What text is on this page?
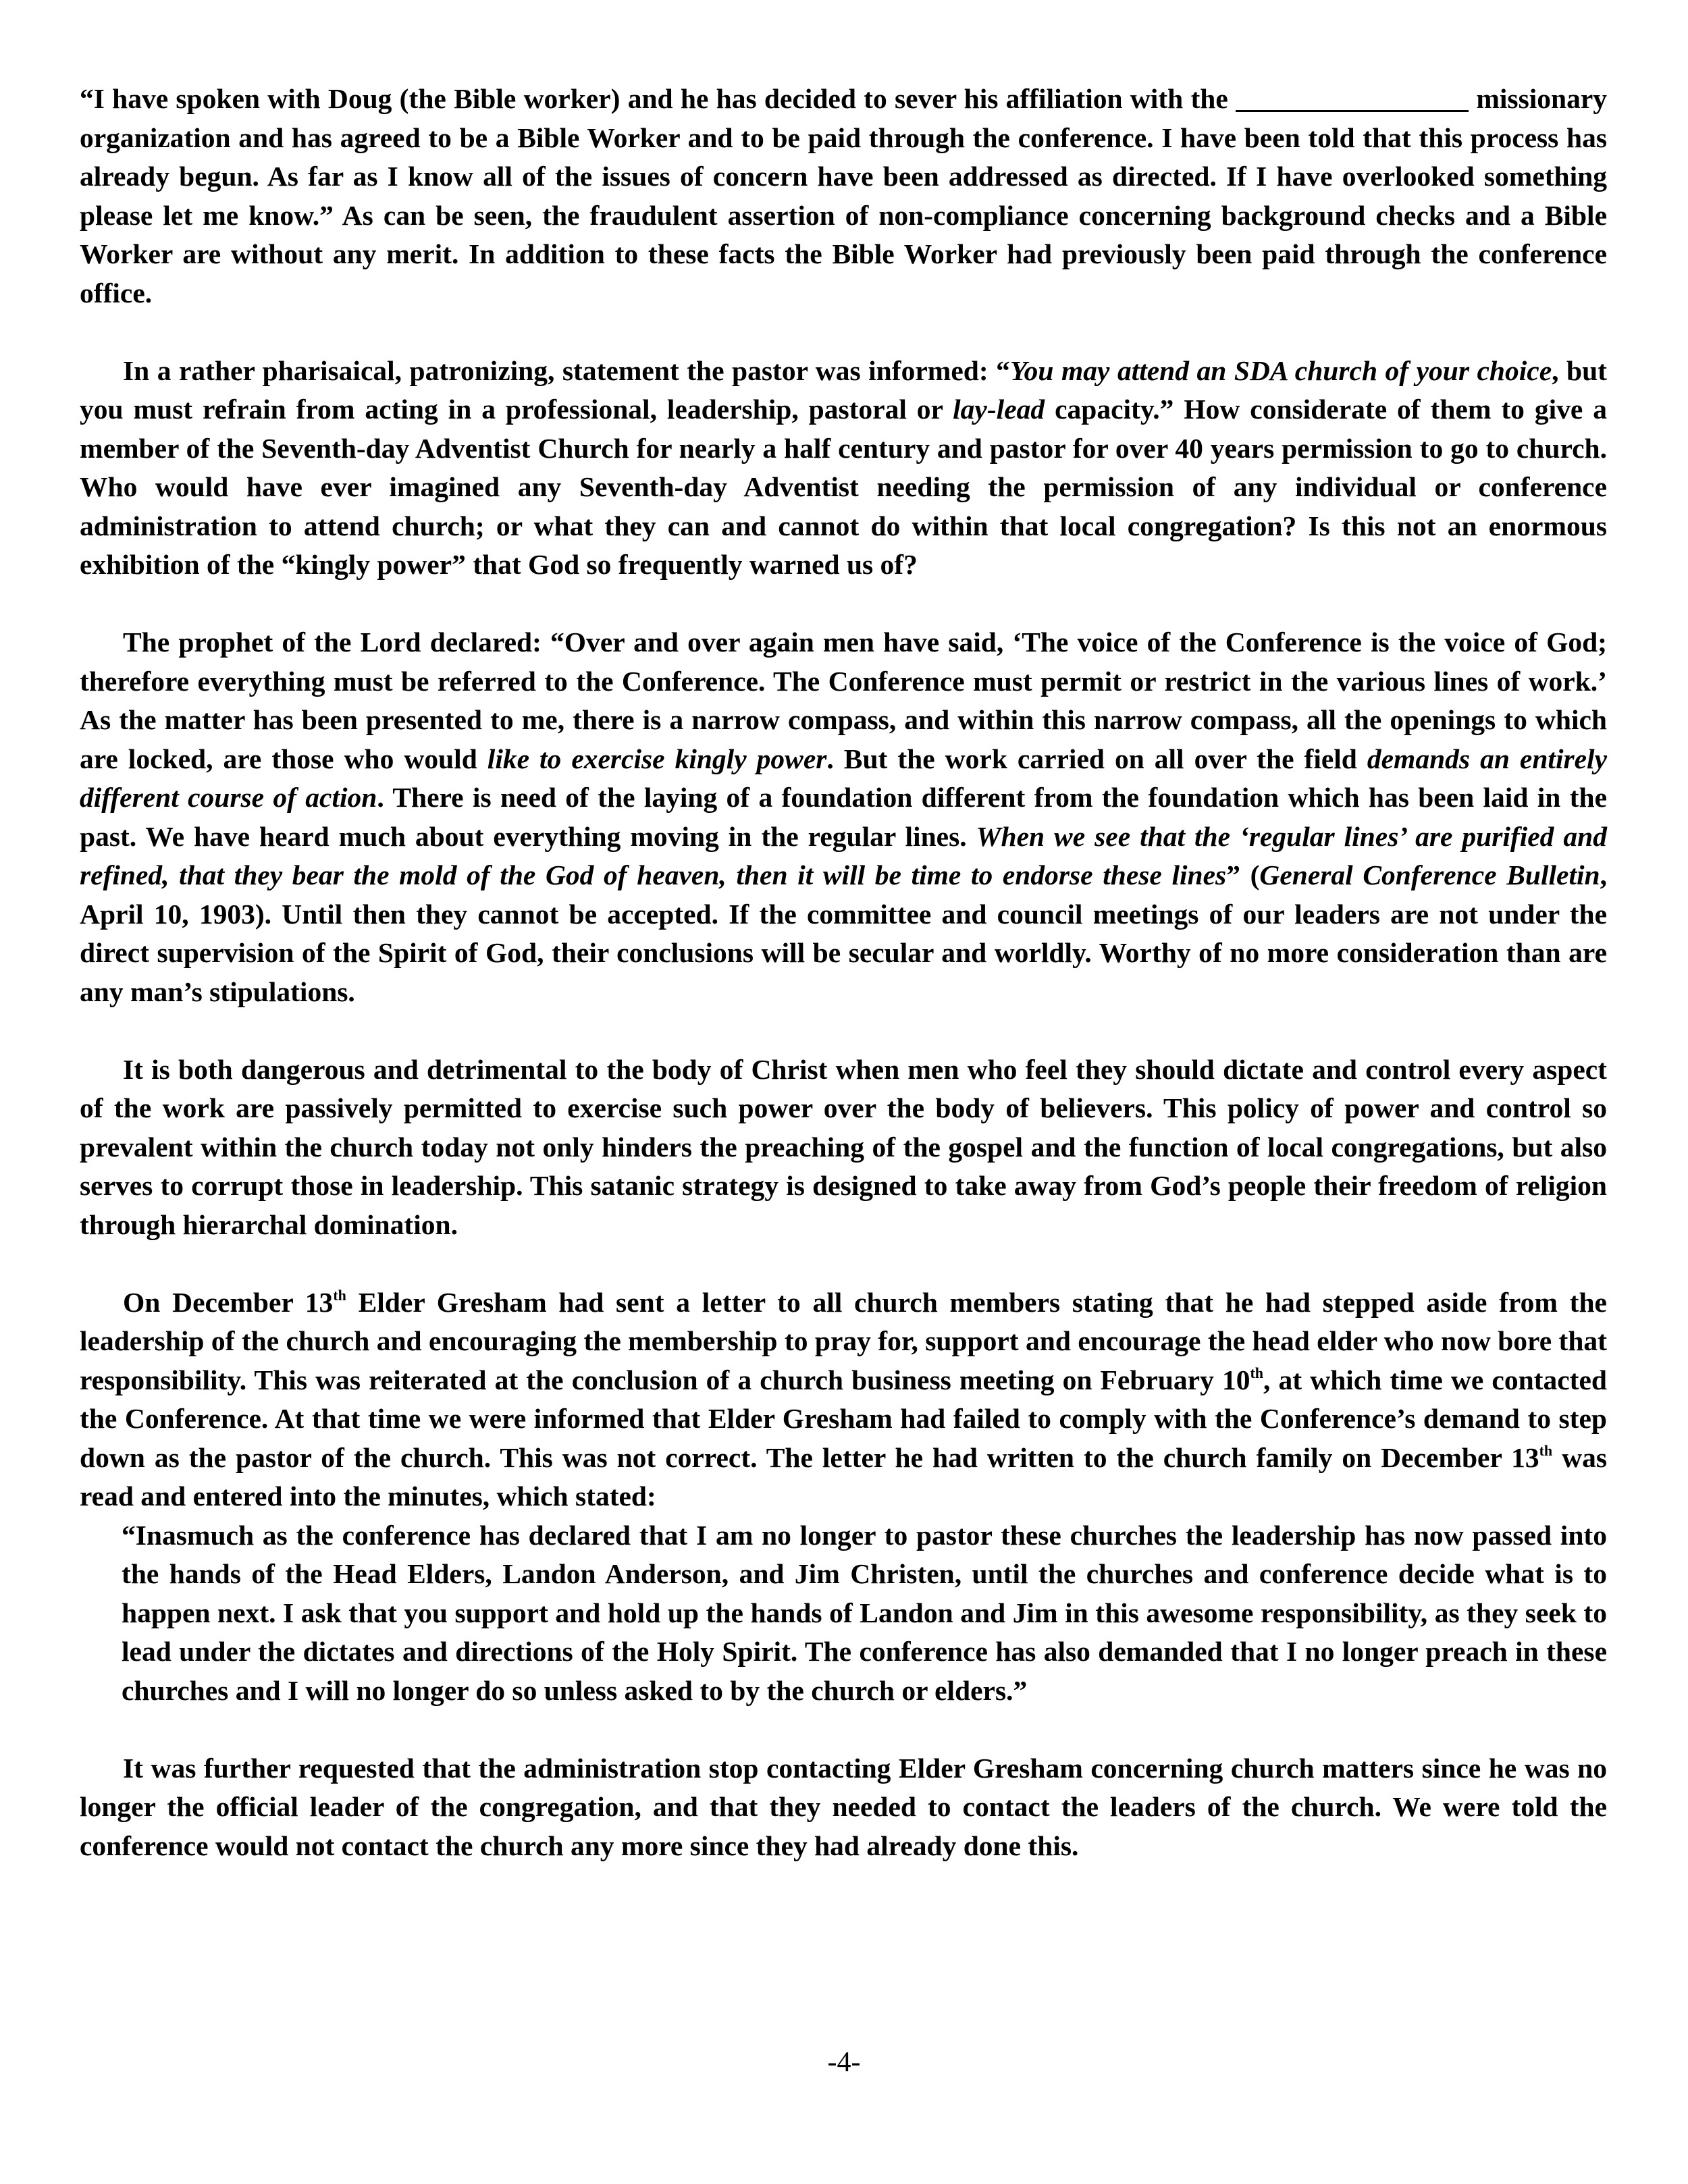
“I have spoken with Doug (the Bible worker) and he has decided to sever his affiliation with the	missionary organization and has agreed to be a Bible Worker and to be paid through the conference. I have been told that this process has already begun. As far as I know all of the issues of concern have been addressed as directed. If I have overlooked something please let me know.” As can be seen, the fraudulent assertion of non-compliance concerning background checks and a Bible Worker are without any merit. In addition to these facts the Bible Worker had previously been paid through the conference office.

In a rather pharisaical, patronizing, statement the pastor was informed: “You may attend an SDA church of your choice, but you must refrain from acting in a professional, leadership, pastoral or lay-lead capacity.” How considerate of them to give a member of the Seventh-day Adventist Church for nearly a half century and pastor for over 40 years permission to go to church. Who would have ever imagined any Seventh-day Adventist needing the permission of any individual or conference administration to attend church; or what they can and cannot do within that local congregation? Is this not an enormous exhibition of the “kingly power” that God so frequently warned us of?

The prophet of the Lord declared: “Over and over again men have said, ‘The voice of the Conference is the voice of God; therefore everything must be referred to the Conference. The Conference must permit or restrict in the various lines of work.’ As the matter has been presented to me, there is a narrow compass, and within this narrow compass, all the openings to which are locked, are those who would like to exercise kingly power. But the work carried on all over the field demands an entirely different course of action. There is need of the laying of a foundation different from the foundation which has been laid in the past. We have heard much about everything moving in the regular lines. When we see that the ‘regular lines’ are purified and refined, that they bear the mold of the God of heaven, then it will be time to endorse these lines” (General Conference Bulletin, April 10, 1903). Until then they cannot be accepted. If the committee and council meetings of our leaders are not under the direct supervision of the Spirit of God, their conclusions will be secular and worldly. Worthy of no more consideration than are any man’s stipulations.

It is both dangerous and detrimental to the body of Christ when men who feel they should dictate and control every aspect of the work are passively permitted to exercise such power over the body of believers. This policy of power and control so prevalent within the church today not only hinders the preaching of the gospel and the function of local congregations, but also serves to corrupt those in leadership. This satanic strategy is designed to take away from God’s people their freedom of religion through hierarchal domination.

On December 13th Elder Gresham had sent a letter to all church members stating that he had stepped aside from the leadership of the church and encouraging the membership to pray for, support and encourage the head elder who now bore that responsibility. This was reiterated at the conclusion of a church business meeting on February 10th, at which time we contacted the Conference. At that time we were informed that Elder Gresham had failed to comply with the Conference’s demand to step down as the pastor of the church. This was not correct. The letter he had written to the church family on December 13th was read and entered into the minutes, which stated:

“Inasmuch as the conference has declared that I am no longer to pastor these churches the leadership has now passed into the hands of the Head Elders, Landon Anderson, and Jim Christen, until the churches and conference decide what is to happen next. I ask that you support and hold up the hands of Landon and Jim in this awesome responsibility, as they seek to lead under the dictates and directions of the Holy Spirit. The conference has also demanded that I no longer preach in these churches and I will no longer do so unless asked to by the church or elders.”

It was further requested that the administration stop contacting Elder Gresham concerning church matters since he was no longer the official leader of the congregation, and that they needed to contact the leaders of the church. We were told the conference would not contact the church any more since they had already done this.

-4-
